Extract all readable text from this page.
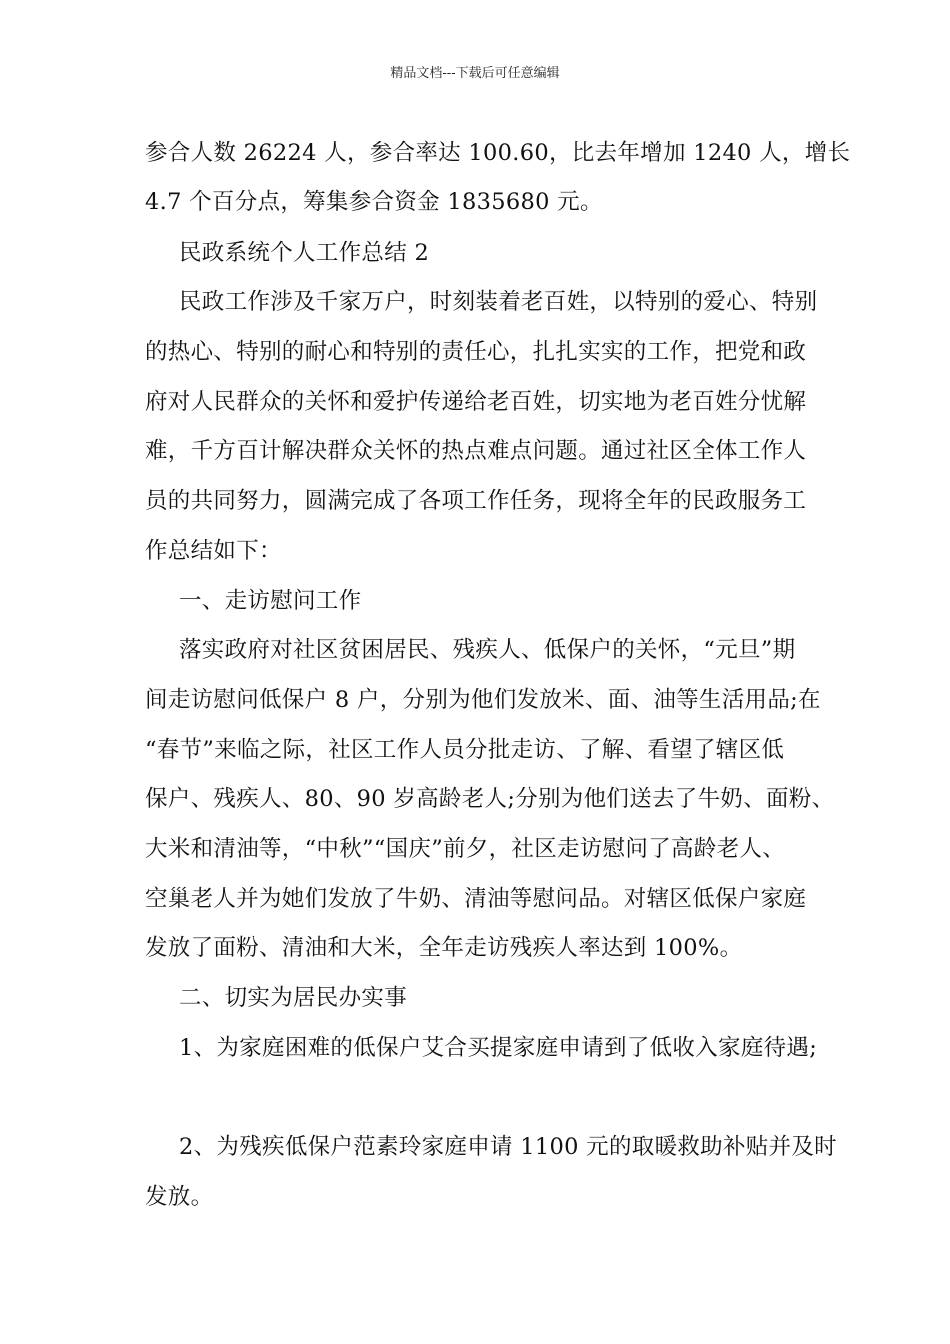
精品文档---下载后可任意编辑
参合人数 26224 人，参合率达 100.60，比去年增加 1240 人，增长
4.7 个百分点，筹集参合资金 1835680 元。
民政系统个人工作总结 2
民政工作涉及千家万户，时刻装着老百姓，以特别的爱心、特别
的热心、特别的耐心和特别的责任心，扎扎实实的工作，把党和政
府对人民群众的关怀和爱护传递给老百姓，切实地为老百姓分忧解
难，千方百计解决群众关怀的热点难点问题。通过社区全体工作人
员的共同努力，圆满完成了各项工作任务，现将全年的民政服务工
作总结如下：
一、走访慰问工作
落实政府对社区贫困居民、残疾人、低保户的关怀，“元旦”期
间走访慰问低保户 8 户，分别为他们发放米、面、油等生活用品;在
“春节”来临之际，社区工作人员分批走访、了解、看望了辖区低
保户、残疾人、80、90 岁高龄老人;分别为他们送去了牛奶、面粉、
大米和清油等，“中秋”“国庆”前夕，社区走访慰问了高龄老人、
空巢老人并为她们发放了牛奶、清油等慰问品。对辖区低保户家庭
发放了面粉、清油和大米，全年走访残疾人率达到 100%。
二、切实为居民办实事
1、为家庭困难的低保户艾合买提家庭申请到了低收入家庭待遇;
2、为残疾低保户范素玲家庭申请 1100 元的取暖救助补贴并及时
发放。
